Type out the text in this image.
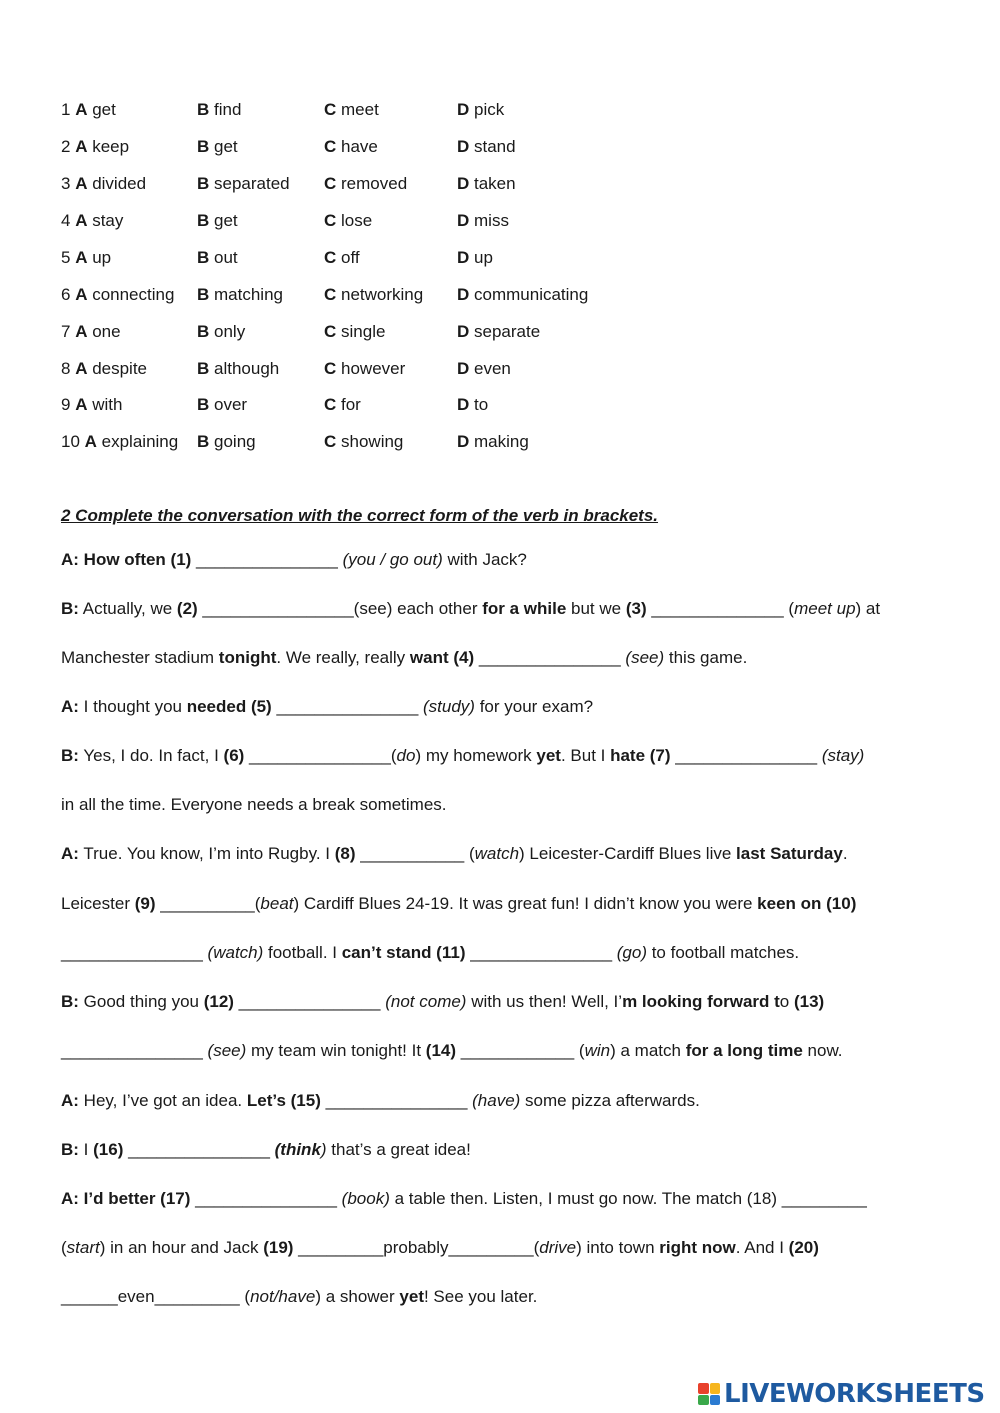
1 A get	B find	C meet	D pick
2 A keep	B get	C have	D stand
3 A divided	B separated C removed	D taken
4 A stay	B get	C lose	D miss
5 A up	B out	C off	D up
6 A connecting B matching C networking D communicating
7 A one	B only	C single	D separate
8 A despite	B although	C however	D even
9 A with	B over	C for	D to
10 A explaining B going	C showing	D making
2 Complete the conversation with the correct form of the verb in brackets.
A: How often (1) _______________ (you / go out) with Jack?
B: Actually, we (2) ________________(see) each other for a while but we (3) ______________ (meet up) at
Manchester stadium tonight. We really, really want (4) _______________ (see) this game.
A: I thought you needed (5) _______________ (study) for your exam?
B: Yes, I do. In fact, I (6) _______________(do) my homework yet. But I hate (7) _______________ (stay)
in all the time. Everyone needs a break sometimes.
A: True. You know, I’m into Rugby. I (8) ___________ (watch) Leicester-Cardiff Blues live last Saturday.
Leicester (9) __________(beat) Cardiff Blues 24-19. It was great fun! I didn’t know you were keen on (10)
_______________ (watch) football. I can’t stand (11) _______________ (go) to football matches.
B: Good thing you (12) _______________ (not come) with us then! Well, I’m looking forward to (13)
_______________ (see) my team win tonight! It (14) ____________ (win) a match for a long time now.
A: Hey, I’ve got an idea. Let’s (15) _______________ (have) some pizza afterwards.
B: I (16) _______________ (think) that’s a great idea!
A: I’d better (17) _______________ (book) a table then. Listen, I must go now. The match (18) _________
(start) in an hour and Jack (19) _________probably_________(drive) into town right now. And I (20)
______even_________ (not/have) a shower yet! See you later.
LIVEWORKSHEETS
